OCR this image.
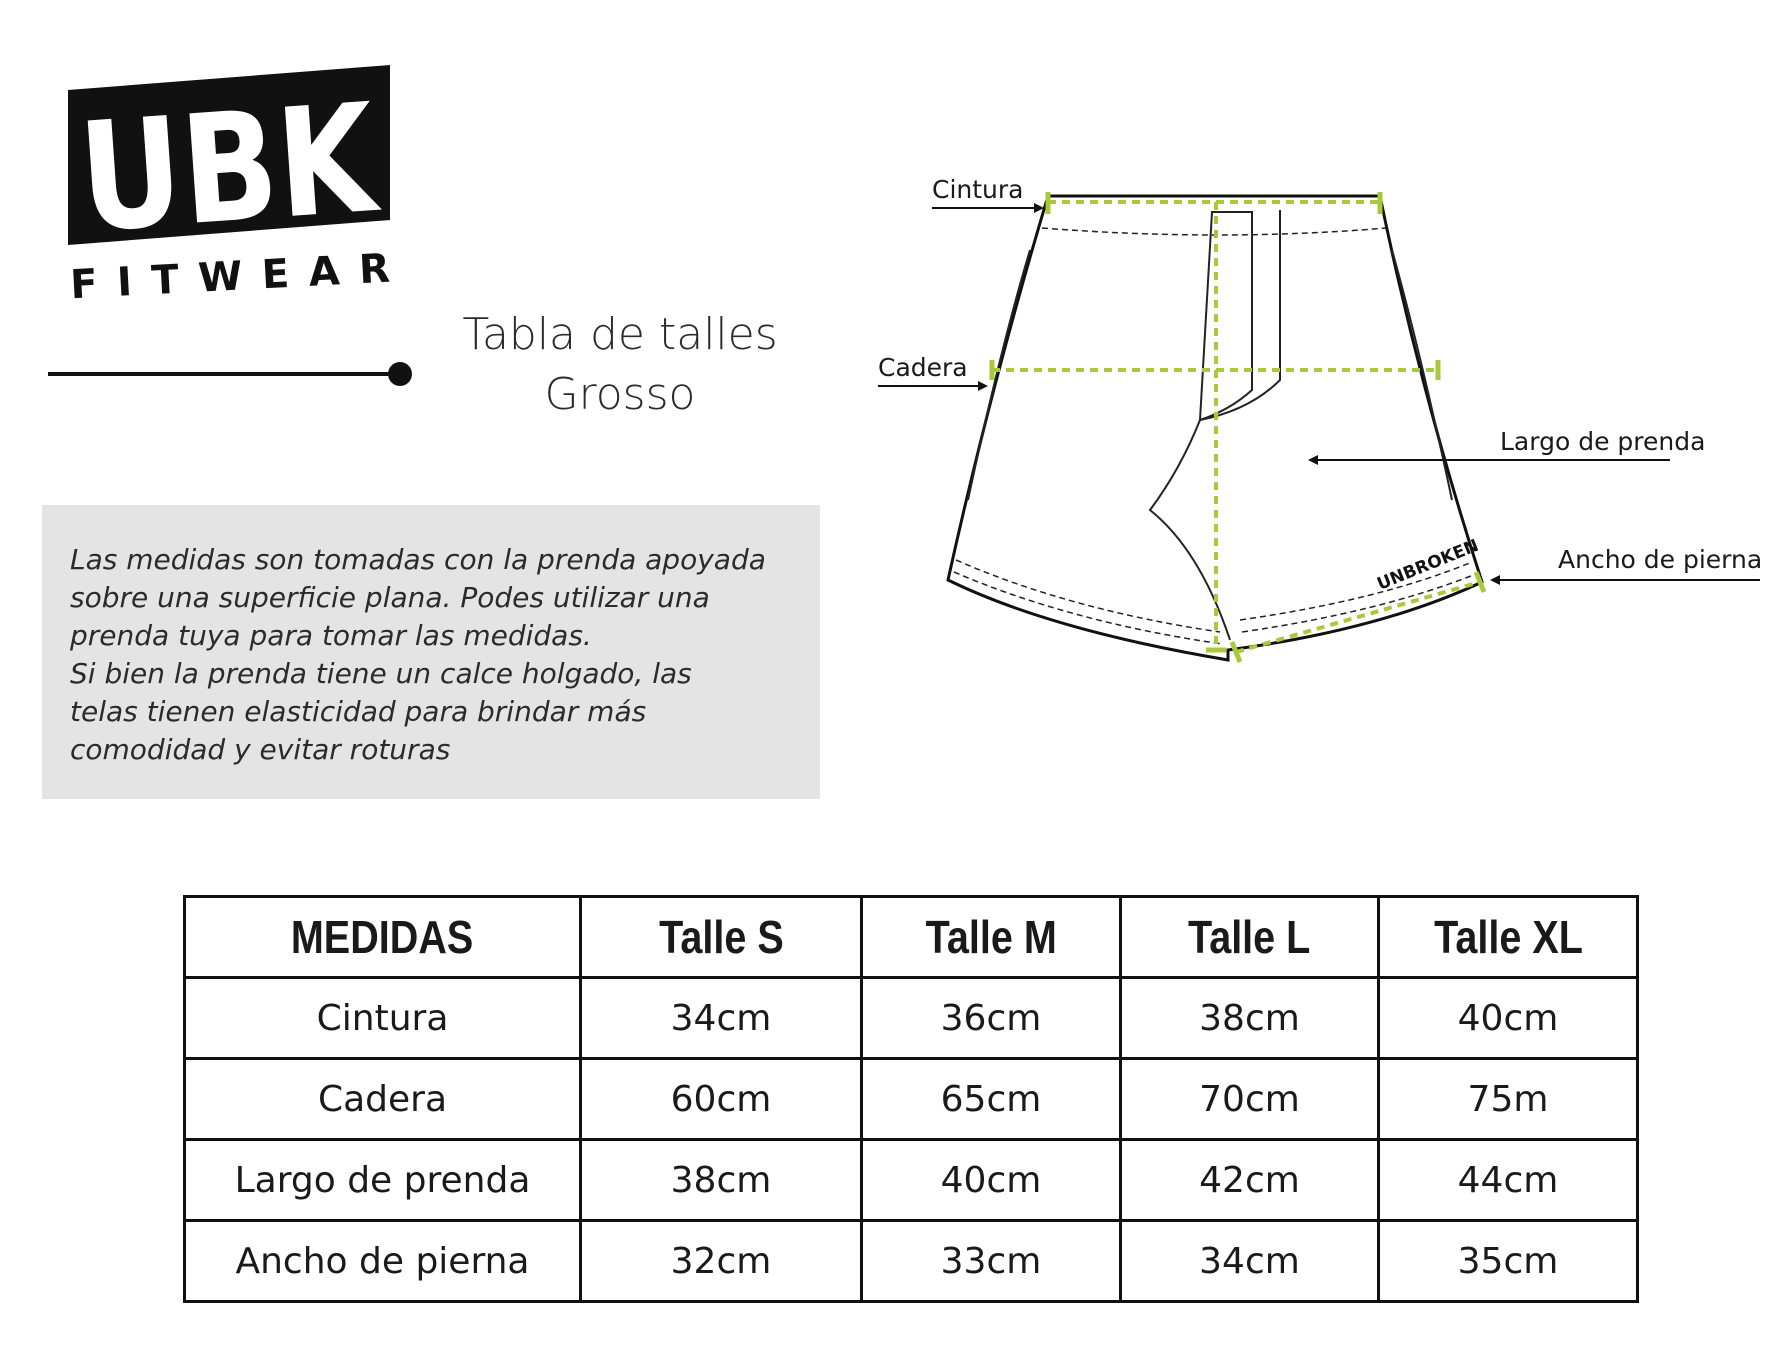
UBK
FITWEAR
Tabla de talles
Grosso

Las medidas son tomadas con la prenda apoyada
sobre una superficie plana. Podes utilizar una
prenda tuya para tomar las medidas.
Si bien la prenda tiene un calce holgado, las
telas tienen elasticidad para brindar más
comodidad y evitar roturas

UNBROKEN
Cintura
Cadera
Largo de prenda
Ancho de pierna
MEDIDAS	Talle S	Talle M	Talle L	Talle XL
Cintura	34cm	36cm	38cm	40cm
Cadera	60cm	65cm	70cm	75m
Largo de prenda	38cm	40cm	42cm	44cm
Ancho de pierna	32cm	33cm	34cm	35cm
